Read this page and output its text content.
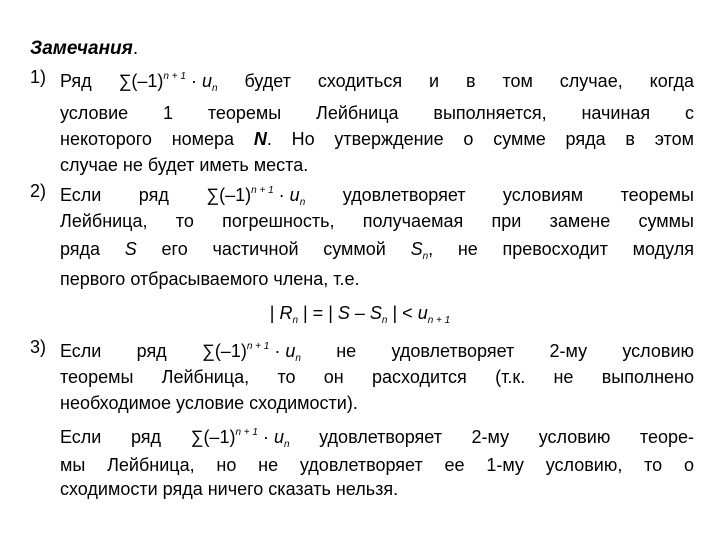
Замечания.
1) Ряд $\sum(-1)^{n + 1} \cdot u_n$ будет сходиться и в том случае, когда
условие 1 теоремы Лейбница выполняется, начиная с
некоторого номера N. Но утверждение о сумме ряда в этом
случае не будет иметь места.
2) Если ряд $\sum(-1)^{n + 1} \cdot u_n$ удовлетворяет условиям теоремы
Лейбница, то погрешность, получаемая при замене суммы
ряда S его частичной суммой $S_n$, не превосходит модуля
первого отбрасываемого члена, т.е.
| $R_n$ | = | S – $S_n$ | < $u_{n + 1}$
3) Если ряд $\sum(-1)^{n + 1} \cdot u_n$ не удовлетворяет 2-му условию
теоремы Лейбница, то он расходится (т.к. не выполнено
необходимое условие сходимости).
Если ряд $\sum(-1)^{n + 1} \cdot u_n$ удовлетворяет 2-му условию теоре-
мы Лейбница, но не удовлетворяет ее 1-му условию, то о
сходимости ряда ничего сказать нельзя.
